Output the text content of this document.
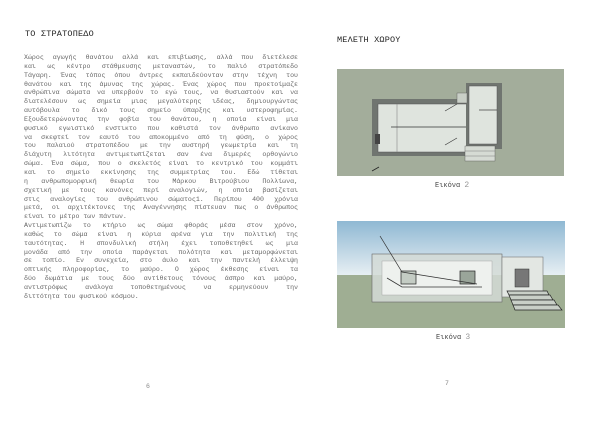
ΤΟ ΣΤΡΑΤΟΠΕΔΟ
Χώρος αγωγής θανάτου αλλά και επιβίωσης, αλλά που διετέλεσε
και ως κέντρο στάθμευσης μεταναστών, το παλιό στρατόπεδο
Τάγαρη. Ένας τόπος όπου άντρες εκπαιδεύονταν στην τέχνη του
θανάτου και της άμυνας της χώρας. Ένας χώρος που προετοίμαζε
ανθρώπινα σώματα να υπερβούν το εγώ τους, να θυσιαστούν και να
διατελέσουν ως σημεία μιας μεγαλύτερης ιδέας, δημιουργώντας
αυτόβουλα το δικό τους σημείο ύπαρξης και υστεροφημίας.
Εξουδετερώνοντας την φοβία του θανάτου, η οποία είναι μια
φυσικό εγωιστικό ενστικτο που καθιστά τον άνθρωπο ανίκανο
να σκεφτεί τον εαυτό του αποκομμένο από τη φύση, ο χώρος
του παλαιού στρατοπέδου με την αυστηρή γεωμετρία και τη
διάχυτη λιτότητα αντιμετωπίζεται σαν ένα διμερές ορθογώνιο
σώμα. Ένα σώμα, που ο σκελετός είναι το κεντρικό του κομμάτι
και το σημείο εκκίνησης της συμμετρίας του. Εδώ τίθεται
η ανθρωπομορφική θεωρία του Μάρκου Βιτρούβιου Πολλίωνα,
σχετική με τους κανόνες περί αναλογιών, η οποία βασίζεται
στις αναλογίες του ανθρώπινου σώματος1. Περίπου 400 χρόνια
μετά, οι αρχιτέκτονες της Αναγέννησης πίστευαν πως ο άνθρωπος
είναι το μέτρο των πάντων.
Αντιμετωπίζω το κτήριο ως σώμα φθοράς μέσα στον χρόνο,
καθώς το σώμα είναι η κύρια αρένα για την πολιτική της
ταυτότητας. Η σπονδυλική στήλη έχει τοποθετηθεί ως μια
μονάδα από την οποία παράγεται πολότητα και μεταμορφώνεται
σε τοπίο. Εν συνεχεία, στο άυλο και την παντελή έλλειψη
οπτικής πληροφορίας, το μαύρο. Ο χώρος έκθεσης είναι τα
δύο δωμάτια με τους δύο αντίθετους τόνους άσπρο και μαύρο,
αντιστρόφως ανάλογα τοποθετημένους να ερμηνεύουν την
διττότητα του φυσικού κόσμου.
6
ΜΕΛΕΤΗ ΧΩΡΟΥ
Εικόνα 2
Εικόνα 3
7
